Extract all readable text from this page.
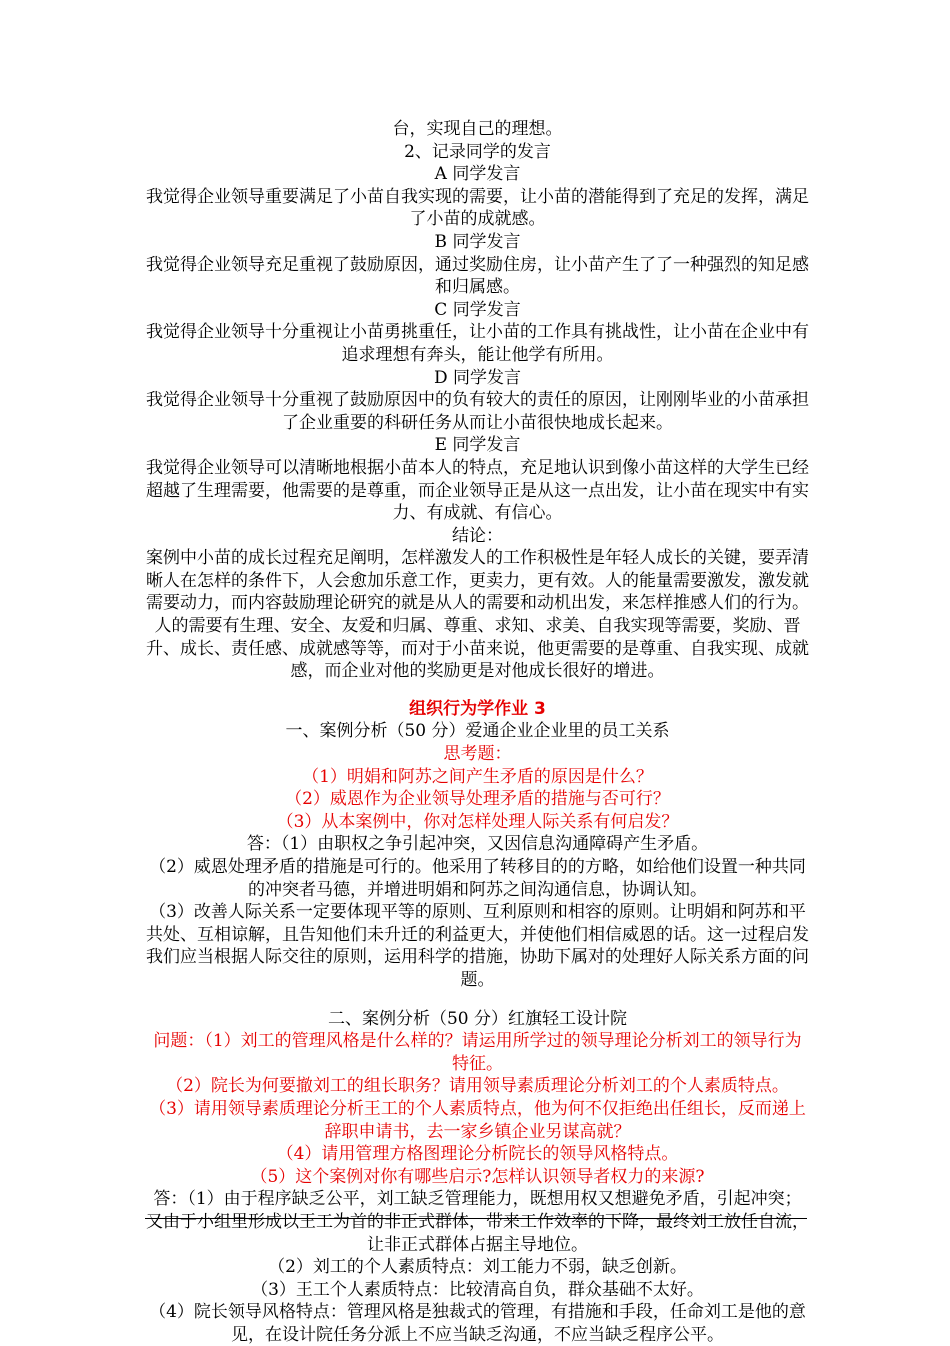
台，实现自己的理想。

2、记录同学的发言

A 同学发言

我觉得企业领导重要满足了小苗自我实现的需要，让小苗的潜能得到了充足的发挥，满足了小苗的成就感。

B 同学发言

我觉得企业领导充足重视了鼓励原因，通过奖励住房，让小苗产生了了一种强烈的知足感和归属感。

C 同学发言

我觉得企业领导十分重视让小苗勇挑重任，让小苗的工作具有挑战性，让小苗在企业中有追求理想有奔头，能让他学有所用。

D 同学发言

我觉得企业领导十分重视了鼓励原因中的负有较大的责任的原因，让刚刚毕业的小苗承担了企业重要的科研任务从而让小苗很快地成长起来。

E 同学发言

我觉得企业领导可以清晰地根据小苗本人的特点，充足地认识到像小苗这样的大学生已经超越了生理需要，他需要的是尊重，而企业领导正是从这一点出发，让小苗在现实中有实力、有成就、有信心。

结论：

案例中小苗的成长过程充足阐明，怎样激发人的工作积极性是年轻人成长的关键，要弄清晰人在怎样的条件下，人会愈加乐意工作，更卖力，更有效。人的能量需要激发，激发就需要动力，而内容鼓励理论研究的就是从人的需要和动机出发，来怎样推感人们的行为。人的需要有生理、安全、友爱和归属、尊重、求知、求美、自我实现等需要，奖励、晋升、成长、责任感、成就感等等，而对于小苗来说，他更需要的是尊重、自我实现、成就感，而企业对他的奖励更是对他成长很好的增进。

组织行为学作业 3

一、案例分析（50 分）爱通企业企业里的员工关系

思考题：

（1）明娟和阿苏之间产生矛盾的原因是什么？

（2）威恩作为企业领导处理矛盾的措施与否可行？

（3）从本案例中，你对怎样处理人际关系有何启发？

答：（1）由职权之争引起冲突，又因信息沟通障碍产生矛盾。

（2）威恩处理矛盾的措施是可行的。他采用了转移目的的方略，如给他们设置一种共同的冲突者马德，并增进明娟和阿苏之间沟通信息，协调认知。

（3）改善人际关系一定要体现平等的原则、互利原则和相容的原则。让明娟和阿苏和平共处、互相谅解，且告知他们未升迁的利益更大，并使他们相信威恩的话。这一过程启发我们应当根据人际交往的原则，运用科学的措施，协助下属对的处理好人际关系方面的问题。

二、案例分析（50 分）红旗轻工设计院

问题：（1）刘工的管理风格是什么样的？请运用所学过的领导理论分析刘工的领导行为特征。

（2）院长为何要撤刘工的组长职务？请用领导素质理论分析刘工的个人素质特点。

（3）请用领导素质理论分析王工的个人素质特点，他为何不仅拒绝出任组长，反而递上辞职申请书，去一家乡镇企业另谋高就？

（4）请用管理方格图理论分析院长的领导风格特点。

（5）这个案例对你有哪些启示?怎样认识领导者权力的来源?

答：（1）由于程序缺乏公平，刘工缺乏管理能力，既想用权又想避免矛盾，引起冲突；又由于小组里形成以王工为首的非正式群体，带来工作效率的下降，最终刘工放任自流，让非正式群体占据主导地位。

（2）刘工的个人素质特点：刘工能力不弱，缺乏创新。

（3）王工个人素质特点：比较清高自负，群众基础不太好。

（4）院长领导风格特点：管理风格是独裁式的管理，有措施和手段，任命刘工是他的意见，在设计院任务分派上不应当缺乏沟通，不应当缺乏程序公平。
